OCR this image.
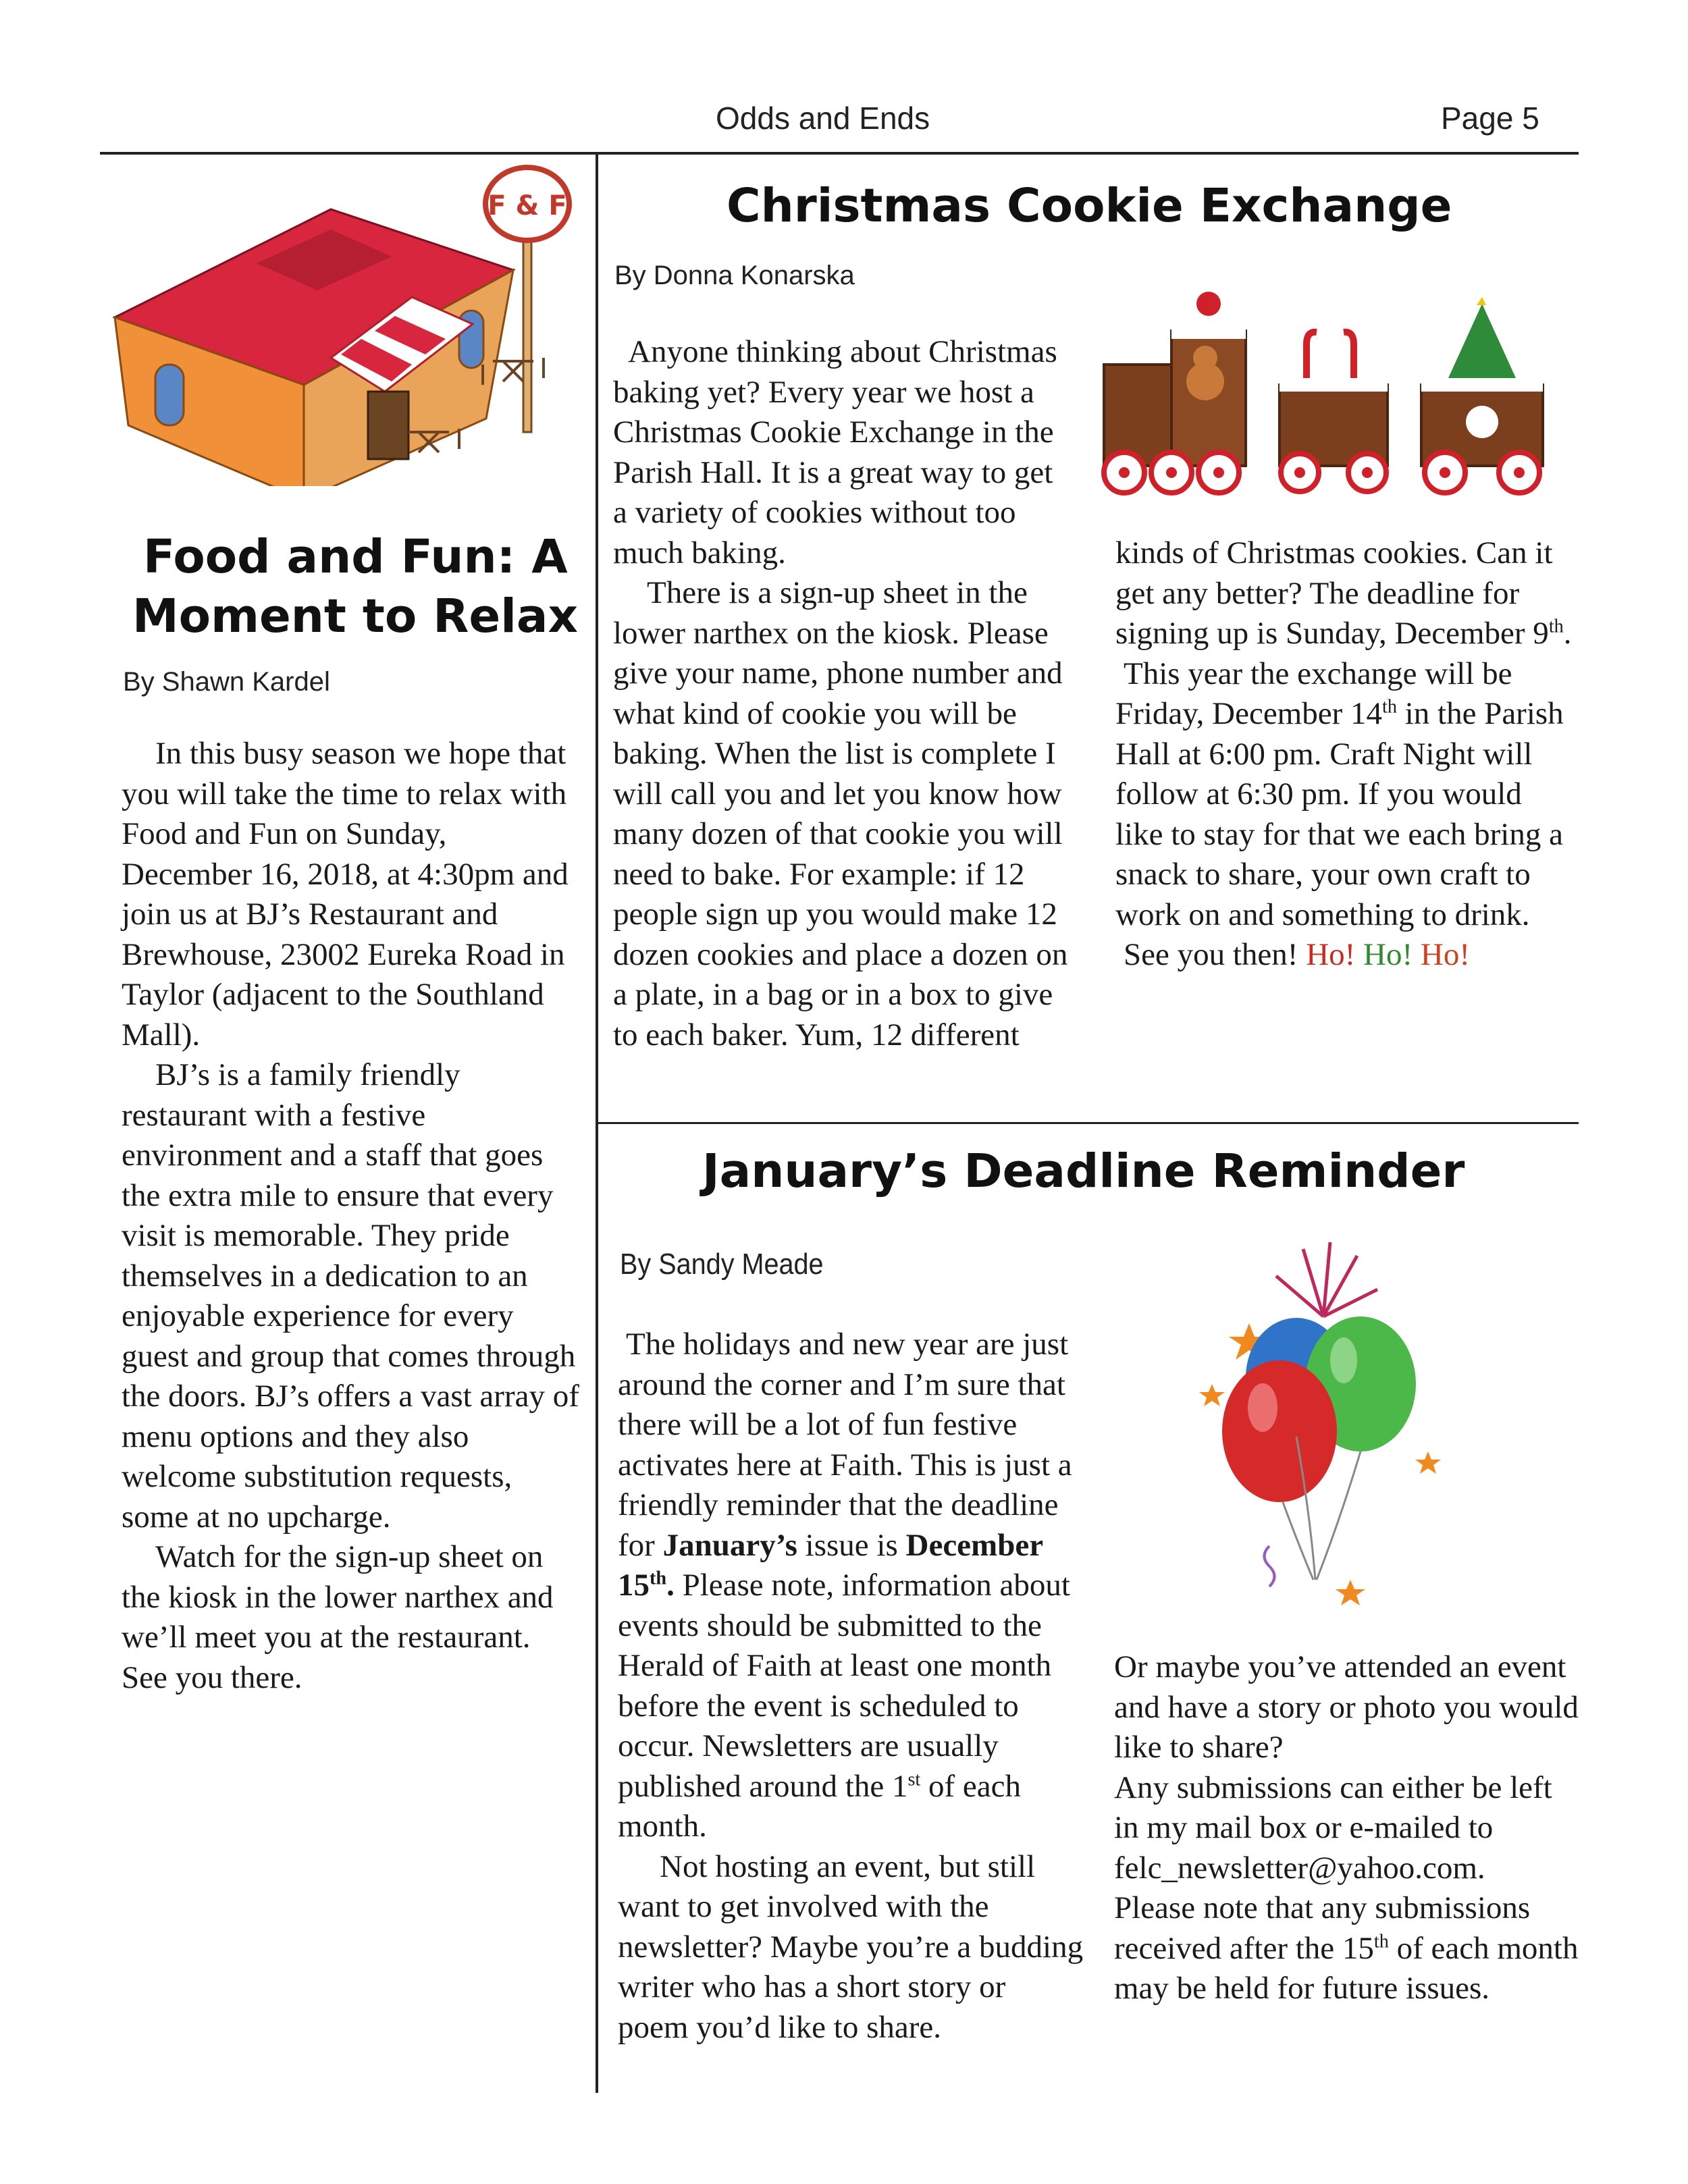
Odds and Ends	Page 5
F & F
Food and Fun: A
Moment to Relax
By Shawn Kardel

In this busy season we hope that you will take the time to relax with Food and Fun on Sunday, December 16, 2018, at 4:30pm and join us at BJ’s Restaurant and Brewhouse, 23002 Eureka Road in Taylor (adjacent to the Southland Mall).

BJ’s is a family friendly restaurant with a festive environment and a staff that goes the extra mile to ensure that every visit is memorable. They pride themselves in a dedication to an enjoyable experience for every guest and group that comes through the doors. BJ’s offers a vast array of menu options and they also welcome substitution requests, some at no upcharge.

Watch for the sign-up sheet on the kiosk in the lower narthex and we’ll meet you at the restaurant. See you there.

Christmas Cookie Exchange
By Donna Konarska

Anyone thinking about Christmas baking yet? Every year we host a Christmas Cookie Exchange in the Parish Hall. It is a great way to get a variety of cookies without too much baking.

There is a sign-up sheet in the lower narthex on the kiosk. Please give your name, phone number and what kind of cookie you will be baking. When the list is complete I will call you and let you know how many dozen of that cookie you will need to bake. For example: if 12 people sign up you would make 12 dozen cookies and place a dozen on a plate, in a bag or in a box to give to each baker. Yum, 12 different

kinds of Christmas cookies. Can it get any better? The deadline for signing up is Sunday, December 9th.

This year the exchange will be Friday, December 14th in the Parish Hall at 6:00 pm. Craft Night will follow at 6:30 pm. If you would like to stay for that we each bring a snack to share, your own craft to work on and something to drink.

See you then! Ho! Ho! Ho!

January’s Deadline Reminder
By Sandy Meade

The holidays and new year are just around the corner and I’m sure that there will be a lot of fun festive activates here at Faith. This is just a friendly reminder that the deadline for January’s issue is December 15th. Please note, information about events should be submitted to the Herald of Faith at least one month before the event is scheduled to occur. Newsletters are usually published around the 1st of each month.

Not hosting an event, but still want to get involved with the newsletter? Maybe you’re a budding writer who has a short story or poem you’d like to share.

Or maybe you’ve attended an event and have a story or photo you would like to share?

Any submissions can either be left in my mail box or e-mailed to felc_newsletter@yahoo.com.

Please note that any submissions received after the 15th of each month may be held for future issues.
